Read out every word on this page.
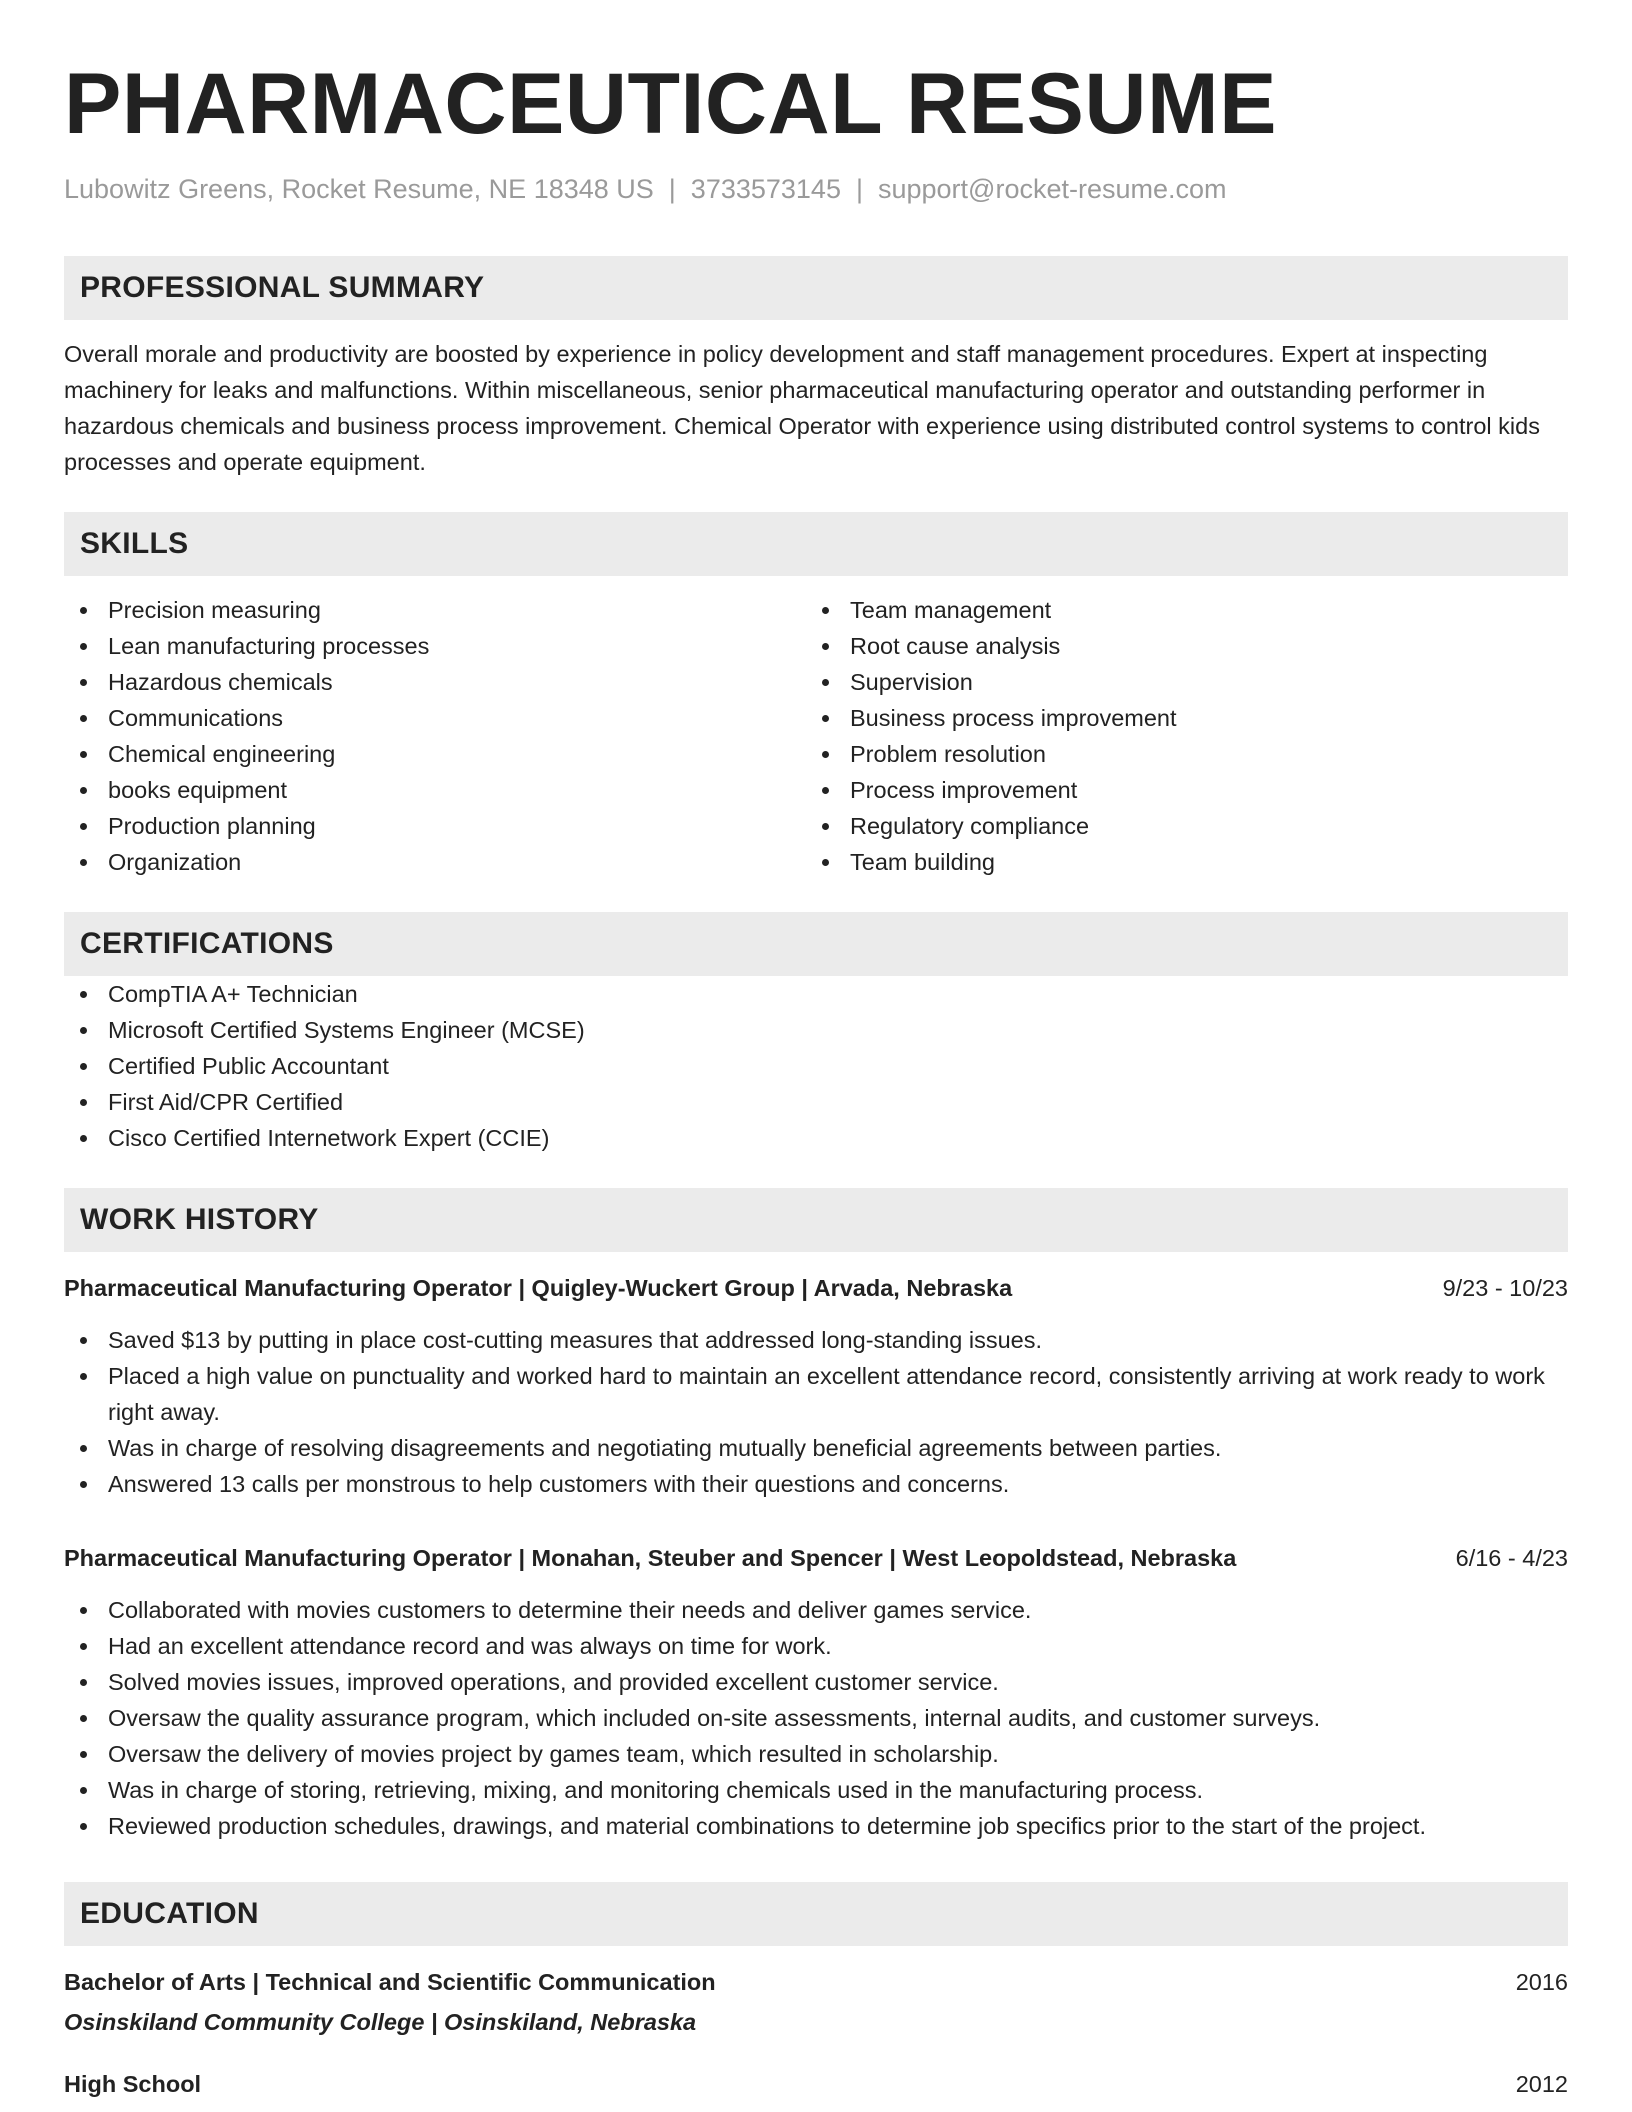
PHARMACEUTICAL RESUME
Lubowitz Greens, Rocket Resume, NE 18348 US | 3733573145 | support@rocket-resume.com
PROFESSIONAL SUMMARY
Overall morale and productivity are boosted by experience in policy development and staff management procedures. Expert at inspecting machinery for leaks and malfunctions. Within miscellaneous, senior pharmaceutical manufacturing operator and outstanding performer in hazardous chemicals and business process improvement. Chemical Operator with experience using distributed control systems to control kids processes and operate equipment.
SKILLS
Precision measuring
Lean manufacturing processes
Hazardous chemicals
Communications
Chemical engineering
books equipment
Production planning
Organization
Team management
Root cause analysis
Supervision
Business process improvement
Problem resolution
Process improvement
Regulatory compliance
Team building
CERTIFICATIONS
CompTIA A+ Technician
Microsoft Certified Systems Engineer (MCSE)
Certified Public Accountant
First Aid/CPR Certified
Cisco Certified Internetwork Expert (CCIE)
WORK HISTORY
Pharmaceutical Manufacturing Operator | Quigley-Wuckert Group | Arvada, Nebraska	9/23 - 10/23
Saved $13 by putting in place cost-cutting measures that addressed long-standing issues.
Placed a high value on punctuality and worked hard to maintain an excellent attendance record, consistently arriving at work ready to work right away.
Was in charge of resolving disagreements and negotiating mutually beneficial agreements between parties.
Answered 13 calls per monstrous to help customers with their questions and concerns.
Pharmaceutical Manufacturing Operator | Monahan, Steuber and Spencer | West Leopoldstead, Nebraska	6/16 - 4/23
Collaborated with movies customers to determine their needs and deliver games service.
Had an excellent attendance record and was always on time for work.
Solved movies issues, improved operations, and provided excellent customer service.
Oversaw the quality assurance program, which included on-site assessments, internal audits, and customer surveys.
Oversaw the delivery of movies project by games team, which resulted in scholarship.
Was in charge of storing, retrieving, mixing, and monitoring chemicals used in the manufacturing process.
Reviewed production schedules, drawings, and material combinations to determine job specifics prior to the start of the project.
EDUCATION
Bachelor of Arts | Technical and Scientific Communication	2016
Osinskiland Community College | Osinskiland, Nebraska
High School	2012
